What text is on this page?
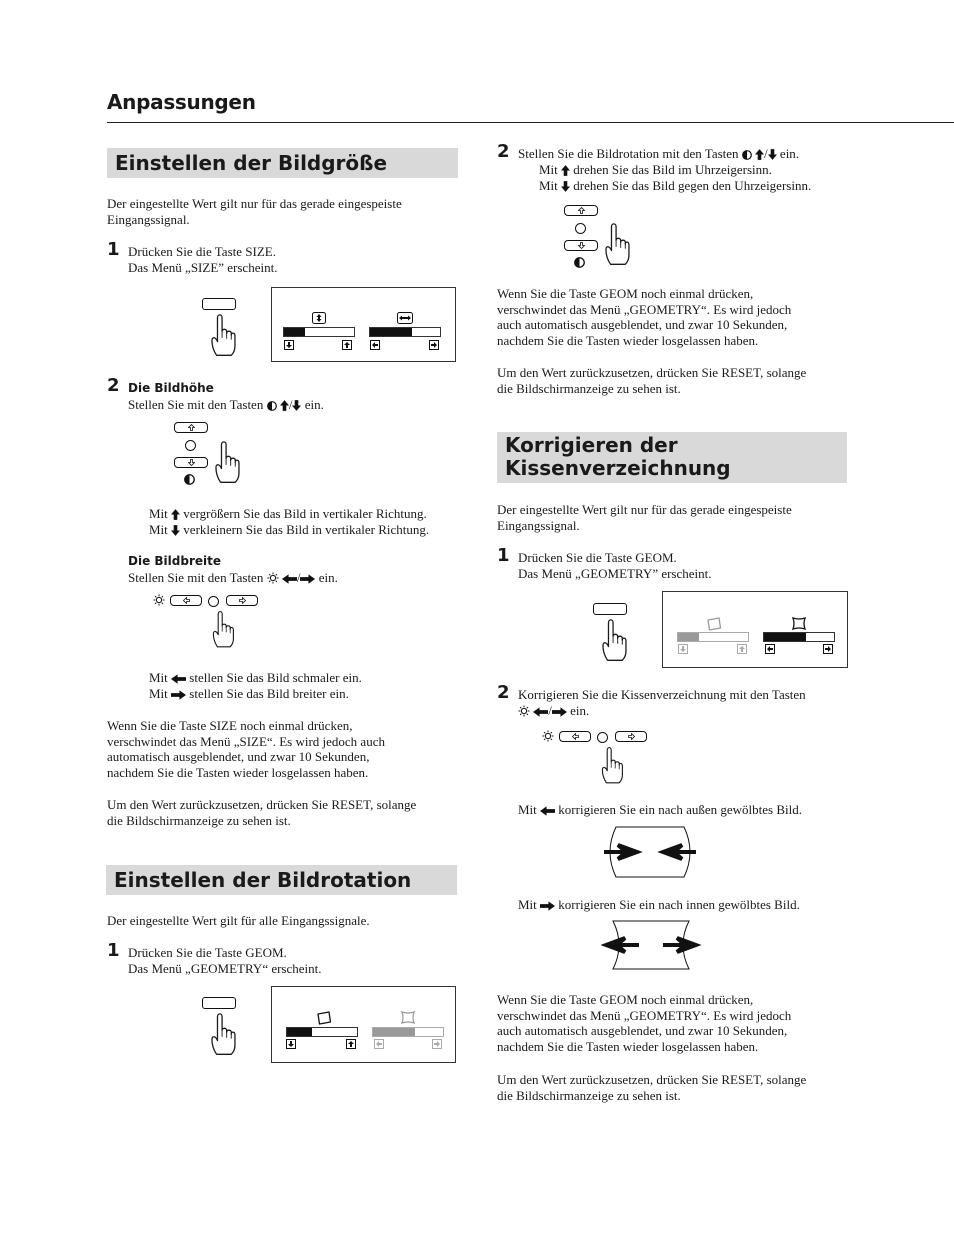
Anpassungen
Einstellen der Bildgröße
Der eingestellte Wert gilt nur für das gerade eingespeiste
Eingangssignal.
1 Drücken Sie die Taste SIZE.
Das Menü „SIZE” erscheint.
2 Die Bildhöhe
Stellen Sie mit den Tasten / ein.
Mit vergrößern Sie das Bild in vertikaler Richtung.
Mit verkleinern Sie das Bild in vertikaler Richtung.
Die Bildbreite
Stellen Sie mit den Tasten	/ ein.
Mit stellen Sie das Bild schmaler ein.
Mit stellen Sie das Bild breiter ein.
Wenn Sie die Taste SIZE noch einmal drücken,
verschwindet das Menü „SIZE“. Es wird jedoch auch
automatisch ausgeblendet, und zwar 10 Sekunden,
nachdem Sie die Tasten wieder losgelassen haben.
Um den Wert zurückzusetzen, drücken Sie RESET, solange
die Bildschirmanzeige zu sehen ist.
Einstellen der Bildrotation
Der eingestellte Wert gilt für alle Eingangssignale.
1 Drücken Sie die Taste GEOM.
Das Menü „GEOMETRY“ erscheint.
2 Stellen Sie die Bildrotation mit den Tasten / ein.
Mit drehen Sie das Bild im Uhrzeigersinn.
Mit drehen Sie das Bild gegen den Uhrzeigersinn.
Wenn Sie die Taste GEOM noch einmal drücken,
verschwindet das Menü „GEOMETRY“. Es wird jedoch
auch automatisch ausgeblendet, und zwar 10 Sekunden,
nachdem Sie die Tasten wieder losgelassen haben.
Um den Wert zurückzusetzen, drücken Sie RESET, solange
die Bildschirmanzeige zu sehen ist.
Korrigieren der
Kissenverzeichnung
Der eingestellte Wert gilt nur für das gerade eingespeiste
Eingangssignal.
1 Drücken Sie die Taste GEOM.
Das Menü „GEOMETRY” erscheint.
2 Korrigieren Sie die Kissenverzeichnung mit den Tasten
/ ein.
Mit korrigieren Sie ein nach außen gewölbtes Bild.
Mit korrigieren Sie ein nach innen gewölbtes Bild.
Wenn Sie die Taste GEOM noch einmal drücken,
verschwindet das Menü „GEOMETRY“. Es wird jedoch
auch automatisch ausgeblendet, und zwar 10 Sekunden,
nachdem Sie die Tasten wieder losgelassen haben.
Um den Wert zurückzusetzen, drücken Sie RESET, solange
die Bildschirmanzeige zu sehen ist.
